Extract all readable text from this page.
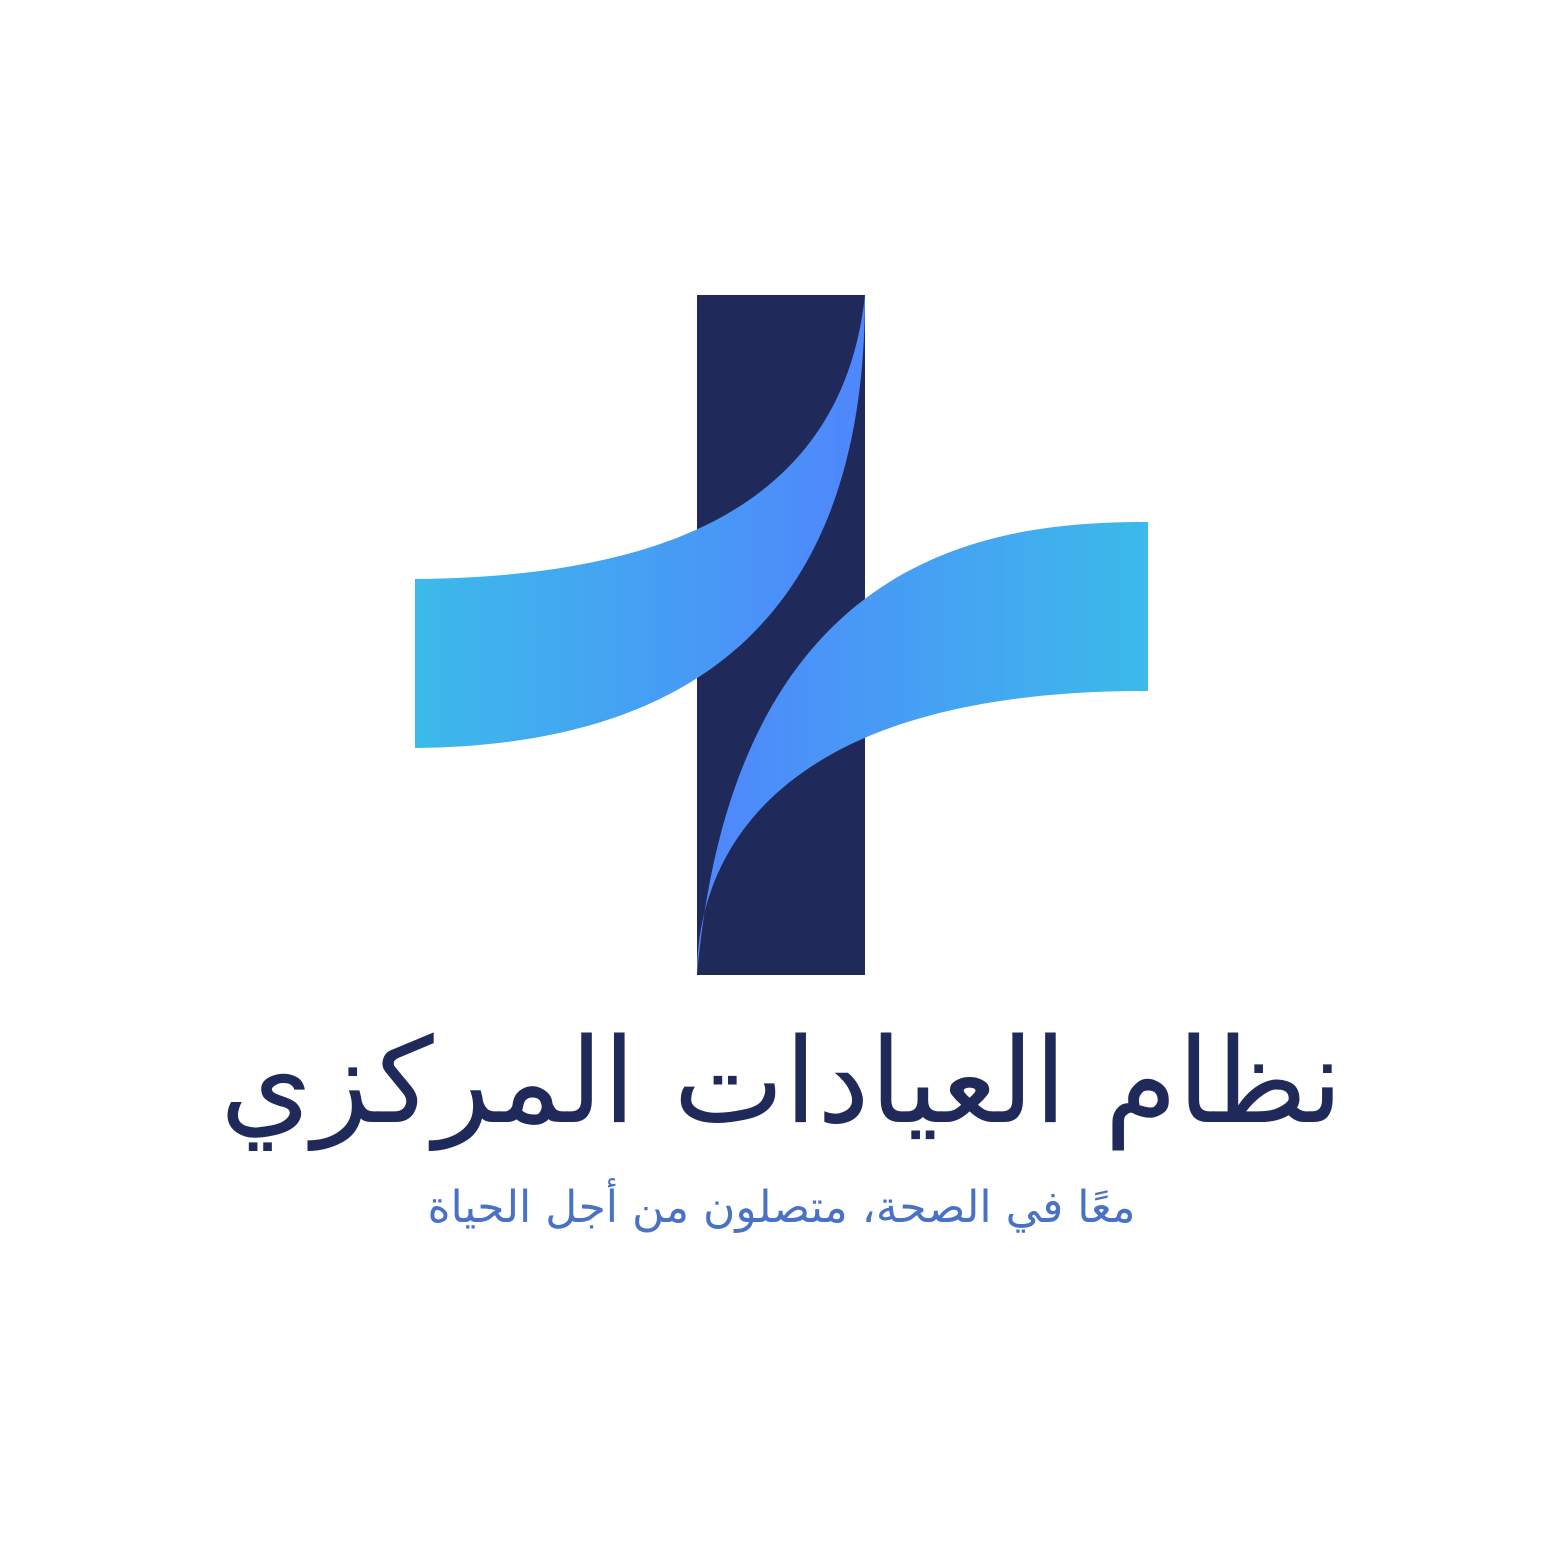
نظام العيادات المركزي
معًا في الصحة، متصلون من أجل الحياة
